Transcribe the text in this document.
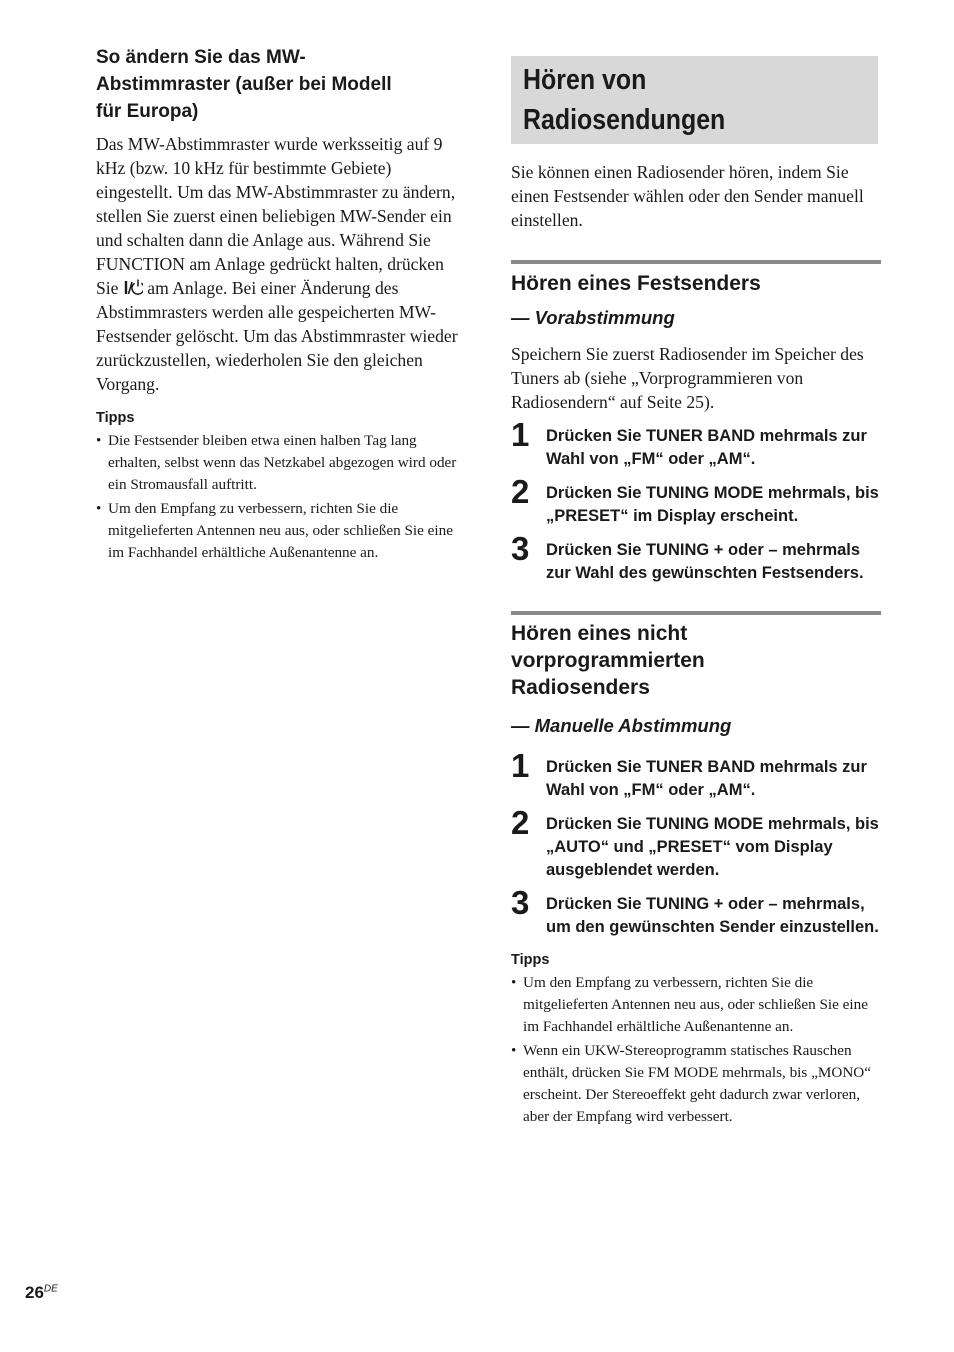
So ändern Sie das MW-
Abstimmraster (außer bei Modell
für Europa)

Das MW-Abstimmraster wurde werksseitig auf 9 kHz (bzw. 10 kHz für bestimmte Gebiete) eingestellt. Um das MW-Abstimmraster zu ändern, stellen Sie zuerst einen beliebigen MW-Sender ein und schalten dann die Anlage aus. Während Sie FUNCTION am Anlage gedrückt halten, drücken Sie am Anlage. Bei einer Änderung des Abstimmrasters werden alle gespeicherten MW-Festsender gelöscht. Um das Abstimmraster wieder zurückzustellen, wiederholen Sie den gleichen Vorgang.

Tipps

• Die Festsender bleiben etwa einen halben Tag lang erhalten, selbst wenn das Netzkabel abgezogen wird oder ein Stromausfall auftritt.
• Um den Empfang zu verbessern, richten Sie die mitgelieferten Antennen neu aus, oder schließen Sie eine im Fachhandel erhältliche Außenantenne an.

Hören von
Radiosendungen

Sie können einen Radiosender hören, indem Sie einen Festsender wählen oder den Sender manuell einstellen.

Hören eines Festsenders

— Vorabstimmung

Speichern Sie zuerst Radiosender im Speicher des Tuners ab (siehe „Vorprogrammieren von Radiosendern“ auf Seite 25).

1 Drücken Sie TUNER BAND mehrmals zur Wahl von „FM“ oder „AM“.

2 Drücken Sie TUNING MODE mehrmals, bis „PRESET“ im Display erscheint.

3 Drücken Sie TUNING + oder – mehrmals zur Wahl des gewünschten Festsenders.

Hören eines nicht
vorprogrammierten
Radiosenders

— Manuelle Abstimmung

1 Drücken Sie TUNER BAND mehrmals zur Wahl von „FM“ oder „AM“.

2 Drücken Sie TUNING MODE mehrmals, bis „AUTO“ und „PRESET“ vom Display ausgeblendet werden.

3 Drücken Sie TUNING + oder – mehrmals, um den gewünschten Sender einzustellen.

Tipps

• Um den Empfang zu verbessern, richten Sie die mitgelieferten Antennen neu aus, oder schließen Sie eine im Fachhandel erhältliche Außenantenne an.
• Wenn ein UKW-Stereoprogramm statisches Rauschen enthält, drücken Sie FM MODE mehrmals, bis „MONO“ erscheint. Der Stereoeffekt geht dadurch zwar verloren, aber der Empfang wird verbessert.
26DE
